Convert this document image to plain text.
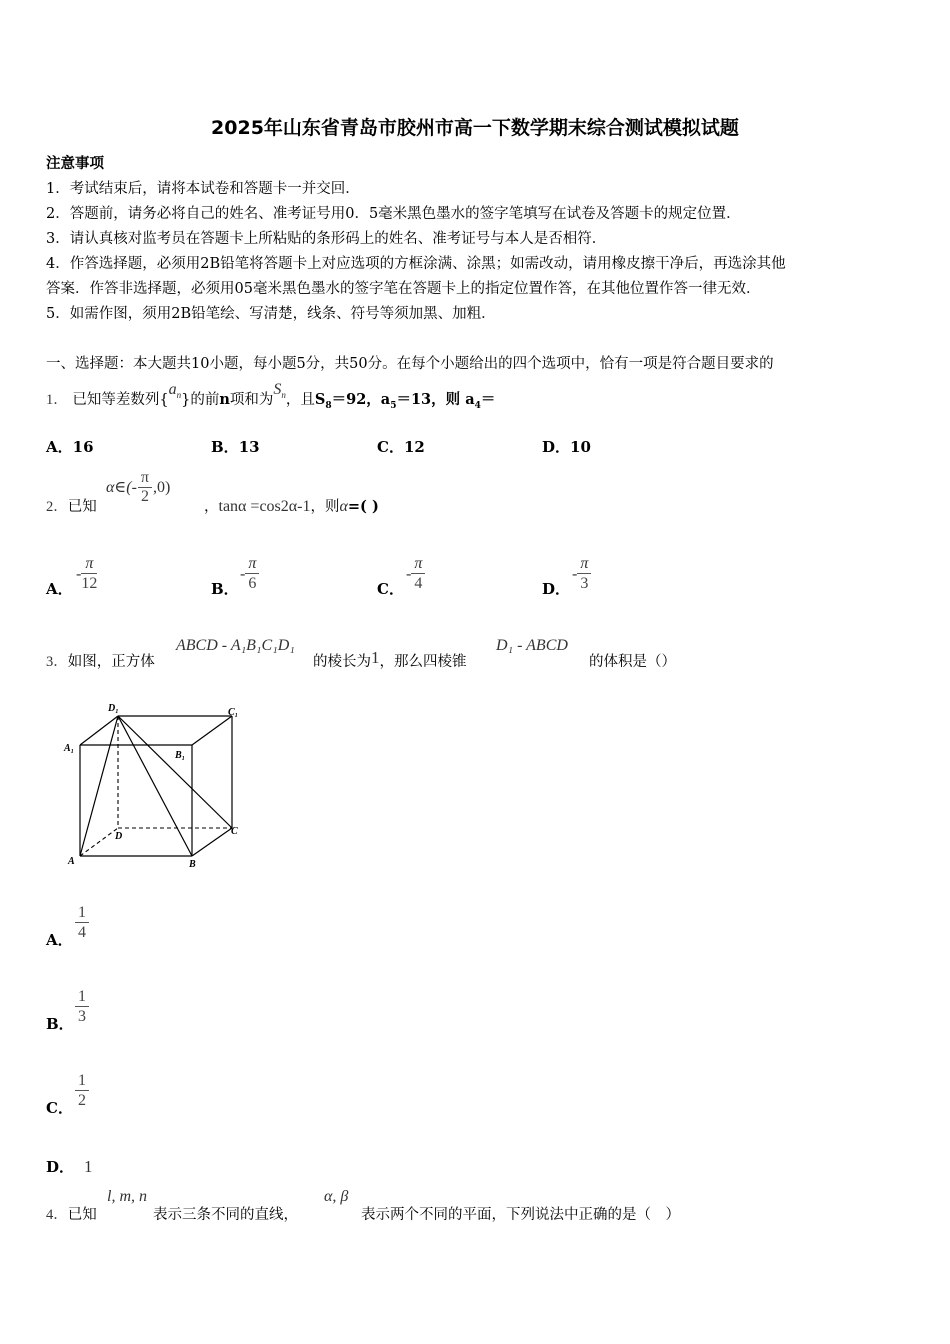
2025年山东省青岛市胶州市高一下数学期末综合测试模拟试题
注意事项
1．考试结束后，请将本试卷和答题卡一并交回．
2．答题前，请务必将自己的姓名、准考证号用0．5毫米黑色墨水的签字笔填写在试卷及答题卡的规定位置．
3．请认真核对监考员在答题卡上所粘贴的条形码上的姓名、准考证号与本人是否相符．
4．作答选择题，必须用2B铅笔将答题卡上对应选项的方框涂满、涂黑；如需改动，请用橡皮擦干净后，再选涂其他
答案．作答非选择题，必须用05毫米黑色墨水的签字笔在答题卡上的指定位置作答，在其他位置作答一律无效．
5．如需作图，须用2B铅笔绘、写清楚，线条、符号等须加黑、加粗．
一、选择题：本大题共10小题，每小题5分，共50分。在每个小题给出的四个选项中，恰有一项是符合题目要求的
1． 已知等差数列$\{a_n\}$的前n项和为$S_n$，且$S_8=92$，$a_5=13$，则 $a_4=$
A．16	B．13	C．12	D．10
2．已知
α∈(- $\frac{\pi}{2} ,0$)
，tanα =cos2α-1，则α=( )
A．
- $\frac{\pi}{12}$	B．
- $\frac{\pi}{6}$	C．
- $\frac{\pi}{4}$	D．
- $\frac{\pi}{3}$
3．如图，正方体
ABCD - A₁B₁C₁D₁
的棱长为1，那么四棱锥
D₁ - ABCD
的体积是（）
D₁	C₁
A₁
B₁
D	C
A	B
A． $\frac{1}{4}$
B． $\frac{1}{3}$
C． $\frac{1}{2}$
D． 1
4．已知
l, m, n
表示三条不同的直线，
α, β
表示两个不同的平面，下列说法中正确的是（　）
